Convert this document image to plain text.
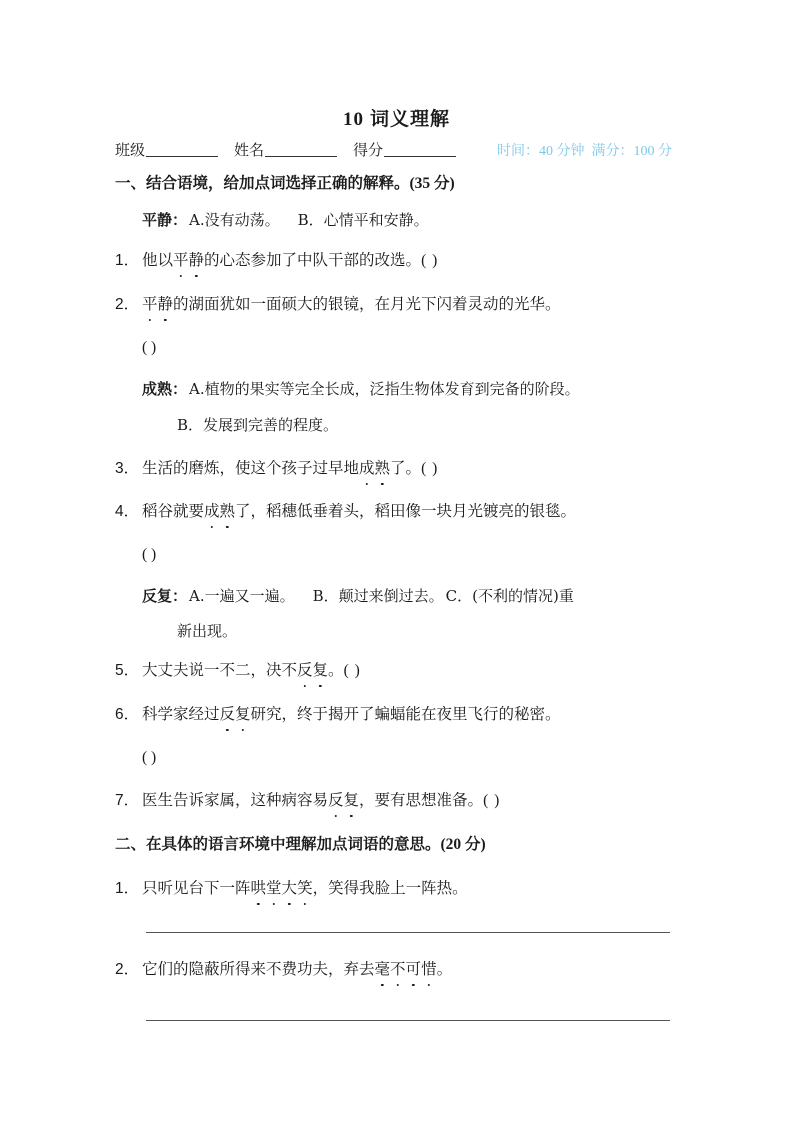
10 词义理解
班级	姓名	得分	时间：40 分钟 满分：100 分
一、结合语境，给加点词选择正确的解释。(35 分)
平静： A.没有动荡。 B．心情平和安静。
1． 他以平静的心态参加了中队干部的改选。( )
2． 平静的湖面犹如一面硕大的银镜，在月光下闪着灵动的光华。
( )
成熟： A.植物的果实等完全长成，泛指生物体发育到完备的阶段。
B．发展到完善的程度。
3． 生活的磨炼，使这个孩子过早地成熟了。( )
4． 稻谷就要成熟了，稻穗低垂着头，稻田像一块月光镀亮的银毯。
( )
反复： A.一遍又一遍。 B．颠过来倒过去。 C．(不利的情况)重
新出现。
5． 大丈夫说一不二，决不反复。( )
6． 科学家经过反复研究，终于揭开了蝙蝠能在夜里飞行的秘密。
( )
7． 医生告诉家属，这种病容易反复，要有思想准备。( )
二、在具体的语言环境中理解加点词语的意思。(20 分)
1． 只听见台下一阵哄堂大笑，笑得我脸上一阵热。
2． 它们的隐蔽所得来不费功夫，弃去毫不可惜。
